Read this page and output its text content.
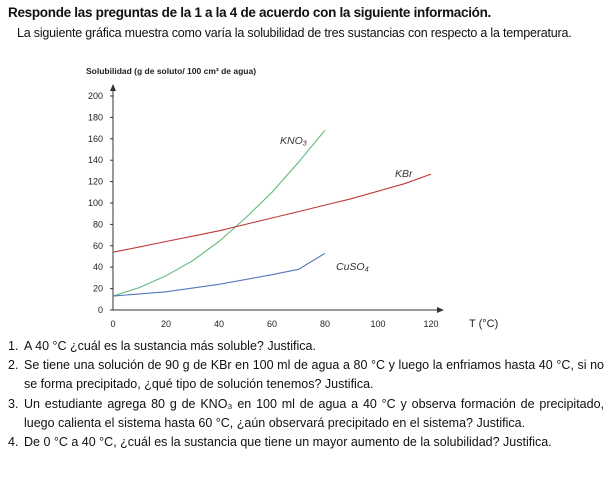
Responde las preguntas de la 1 a la 4 de acuerdo con la siguiente información.
La siguiente gráfica muestra como varía la solubilidad de tres sustancias con respecto a la temperatura.
Solubilidad (g de soluto/ 100 cm³ de agua)
0
20
40
60
80
100
120
140
160
180
200
0	20	40	60	80	100	120	T (°C)
KNO₃
KBr
CuSO₄
1. A 40 °C ¿cuál es la sustancia más soluble? Justifica.
2. Se tiene una solución de 90 g de KBr en 100 ml de agua a 80 °C y luego la enfriamos hasta 40 °C, si no se forma precipitado, ¿qué tipo de solución tenemos? Justifica.
3. Un estudiante agrega 80 g de KNO₃ en 100 ml de agua a 40 °C y observa formación de precipitado, luego calienta el sistema hasta 60 °C, ¿aún observará precipitado en el sistema? Justifica.
4. De 0 °C a 40 °C, ¿cuál es la sustancia que tiene un mayor aumento de la solubilidad? Justifica.
